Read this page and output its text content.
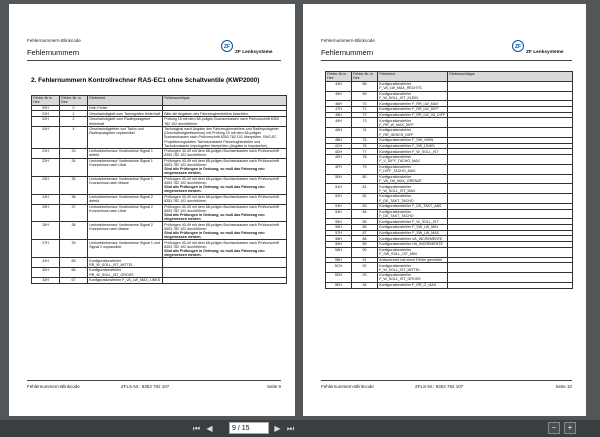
Fehlernummern-Blinkcode
Fehlernummern
ZF
ZF Lenksysteme
2. Fehlernummern Kontrollrechner RAS-EC1 ohne Schaltventile (KWP2000)
Fehler-Nr in Hex	Fehler-Nr. in Dez	Fehlertext	Fehlersuchtipps
00H	0	Kein Fehler	

01H	1	Geschwindigkeit vom Tachografen fehlerhaft	Bitte die Angaben des Fahrzeugherstellers beachten.

02H	2	Geschwindigkeit vom Radimpulsgeber fehlerhaft	Prüfung 15 mit dem 68-poligen Buchsenkasten nach Prüfvorschrift 8353 782 102 durchführen

04H	4	Geschwindigkeiten von Tacho und Radimpulsgeber unplausibel	Tachosignal nach Angabe des Fahrzeugherstellers und Radimpulsgeber (Geschwindigkeitssensor) mit Prüfung 15 mit dem 68-poligen Buchsenkasten nach Prüfvorschrift 8353 782 102 überprüfen. RAS-EC Projektierungsdaten Tachokonstante Fahrzeughersteller und Tachokonstante Impulsgeber überprüfen (Angabe in Impulse/km)

21H	33	Lenkwinkelsensor Vorderachse Signal 1 defekt	Prüfungen 40-49 mit dem 68-poligen Buchsenkasten nach Prüfvorschrift 8353 782 102 durchführen

22H	34	Lenkwinkelsensor Vorderachse Signal 1 Kurzschluss nach Ubat	Prüfungen 40-49 mit dem 68-poligen Buchsenkasten nach Prüfvorschrift 8353 782 102 durchführen
Sind alle Prüfungen in Ordnung, so muß das Fahrzeug neu eingemessen werden.

23H	35	Lenkwinkelsensor Vorderachse Signal 1 Kurzschluss nach Masse	Prüfungen 40-49 mit dem 68-poligen Buchsenkasten nach Prüfvorschrift 8353 782 102 durchführen
Sind alle Prüfungen in Ordnung, so muß das Fahrzeug neu eingemessen werden.

24H	36	Lenkwinkelsensor Vorderachse Signal 2 defekt	Prüfungen 40-49 mit dem 68-poligen Buchsenkasten nach Prüfvorschrift 8353 782 102 durchführen

25H	37	Lenkwinkelsensor Vorderachse Signal 2 Kurzschluss nach Ubat	Prüfungen 40-49 mit dem 68-poligen Buchsenkasten nach Prüfvorschrift 8353 782 102 durchführen
Sind alle Prüfungen in Ordnung, so muß das Fahrzeug neu eingemessen werden.

26H	38	Lenkwinkelsensor Vorderachse Signal 2 Kurzschluss nach Masse	Prüfungen 40-49 mit dem 68-poligen Buchsenkasten nach Prüfvorschrift 8353 782 102 durchführen
Sind alle Prüfungen in Ordnung, so muß das Fahrzeug neu eingemessen werden.

27H	39	Lenkwinkelsensor Vorderachse Signal 1 und Signal 2 unplausibel	Prüfungen 40-49 mit dem 68-poligen Buchsenkasten nach Prüfvorschrift 8353 782 102 durchführen
Sind alle Prüfungen in Ordnung, so muß das Fahrzeug neu eingemessen werden.

41H	65	Konfigurationsfehler RR_W_SOLL_IST_MITTEL	

42H	66	Konfigurationsfehler RR_W_SOLL_IST_GROSS	

43H	67	Konfigurationsfehler F_VA_LW_MAX_LINKS	
Fehlernummern-Blinkcode	ZFLS-Nr.: 8353 782 107	Seite 9
Fehlernummern-Blinkcode
Fehlernummern
ZF
ZF Lenksysteme
Fehler-Nr in Hex	Fehler-Nr. in Dez	Fehlertext	Fehlersuchtipps
44H	68	Konfigurationsfehler F_VA_LW_MAX_RECHTS	

45H	69	Konfigurationsfehler F_W_SOLL_IST_KLEIN	

46H	70	Konfigurationsfehler F_RR_LW_MAX	

47H	71	Konfigurationsfehler F_RR_LW_DIFF	

48H	72	Konfigurationsfehler F_RR_LW_VA_DIFF	

49H	73	Konfigurationsfehler F_RR_W_MAX_DIFF	

4AH	74	Konfigurationsfehler F_RR_GESCH_DIFF	

4BH	75	Konfigurationsfehler F_SW_VMIN	

4CH	76	Konfigurationsfehler F_SW_LINKS	

4DH	77	Konfigurationsfehler F_W_SOLL_IST	

4EH	78	Konfigurationsfehler F_V_DIFF_TACHO_MAX	

4FH	79	Konfigurationsfehler F_DIFF_TACHO_MAX	

50H	80	Konfigurationsfehler F_VA_LW_MAX_GRENZE	

51H	81	Konfigurationsfehler F_W_SOLL_IST_MAX	

52H	82	Konfigurationsfehler F_DE_TAKT_TACHO	

53H	83	Konfigurationsfehler F_DE_TAKT_ABS	

54H	84	Konfigurationsfehler F_DE_TAKT_TACHO	

55H	85	Konfigurationsfehler F_W_SOLL_IST	

56H	86	Konfigurationsfehler F_SW_LW_MIN	

57H	87	Konfigurationsfehler F_SW_LW_MAX	

58H	88	Konfigurationsfehler VA_INCREMENTE	

59H	89	Konfigurationsfehler HA_INCREMENTE	

5AH	90	Konfigurationsfehler F_SW_SOLL_IST_MIN	

5BH	91	Antwortrecht hat einen Fehler gemeldet	

5CH	92	Konfigurationsfehler F_W_SOLL_IST_MITTEL	

5DH	93	Konfigurationsfehler F_W_SOLL_IST_GROSS	

5EH	94	Konfigurationsfehler F_RR_G_MAX	
Fehlernummern-Blinkcode	ZFLS-Nr.: 8353 782 107	Seite 10
⏮ ◀
9 / 15	▶ ⏭	−	+
